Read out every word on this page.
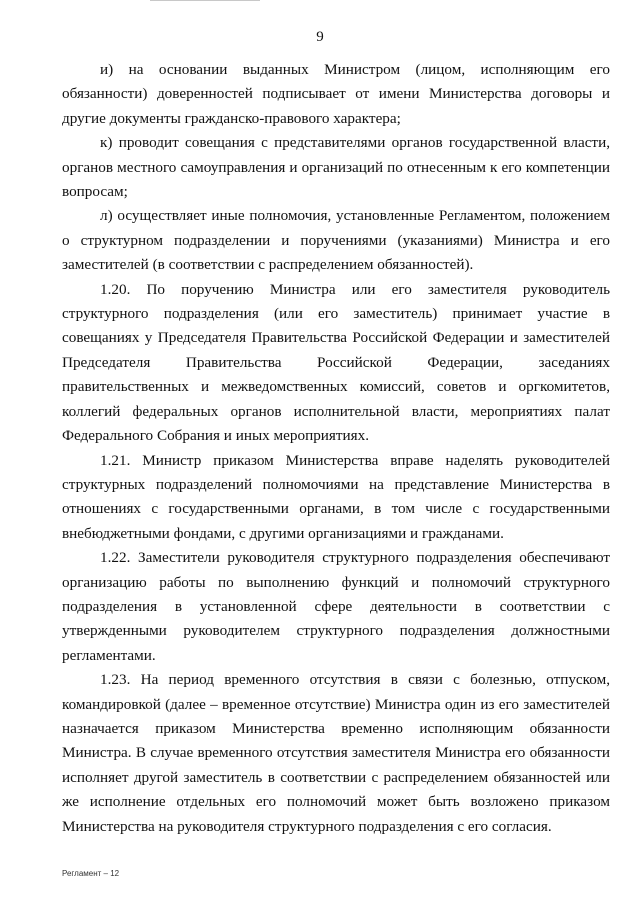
9

и) на основании выданных Министром (лицом, исполняющим его обязанности) доверенностей подписывает от имени Министерства договоры и другие документы гражданско-правового характера;

к) проводит совещания с представителями органов государственной власти, органов местного самоуправления и организаций по отнесенным к его компетенции вопросам;

л) осуществляет иные полномочия, установленные Регламентом, положением о структурном подразделении и поручениями (указаниями) Министра и его заместителей (в соответствии с распределением обязанностей).

1.20. По поручению Министра или его заместителя руководитель структурного подразделения (или его заместитель) принимает участие в совещаниях у Председателя Правительства Российской Федерации и заместителей Председателя Правительства Российской Федерации, заседаниях правительственных и межведомственных комиссий, советов и оргкомитетов, коллегий федеральных органов исполнительной власти, мероприятиях палат Федерального Собрания и иных мероприятиях.

1.21. Министр приказом Министерства вправе наделять руководителей структурных подразделений полномочиями на представление Министерства в отношениях с государственными органами, в том числе с государственными внебюджетными фондами, с другими организациями и гражданами.

1.22. Заместители руководителя структурного подразделения обеспечивают организацию работы по выполнению функций и полномочий структурного подразделения в установленной сфере деятельности в соответствии с утвержденными руководителем структурного подразделения должностными регламентами.

1.23. На период временного отсутствия в связи с болезнью, отпуском, командировкой (далее – временное отсутствие) Министра один из его заместителей назначается приказом Министерства временно исполняющим обязанности Министра. В случае временного отсутствия заместителя Министра его обязанности исполняет другой заместитель в соответствии с распределением обязанностей или же исполнение отдельных его полномочий может быть возложено приказом Министерства на руководителя структурного подразделения с его согласия.

Регламент – 12
